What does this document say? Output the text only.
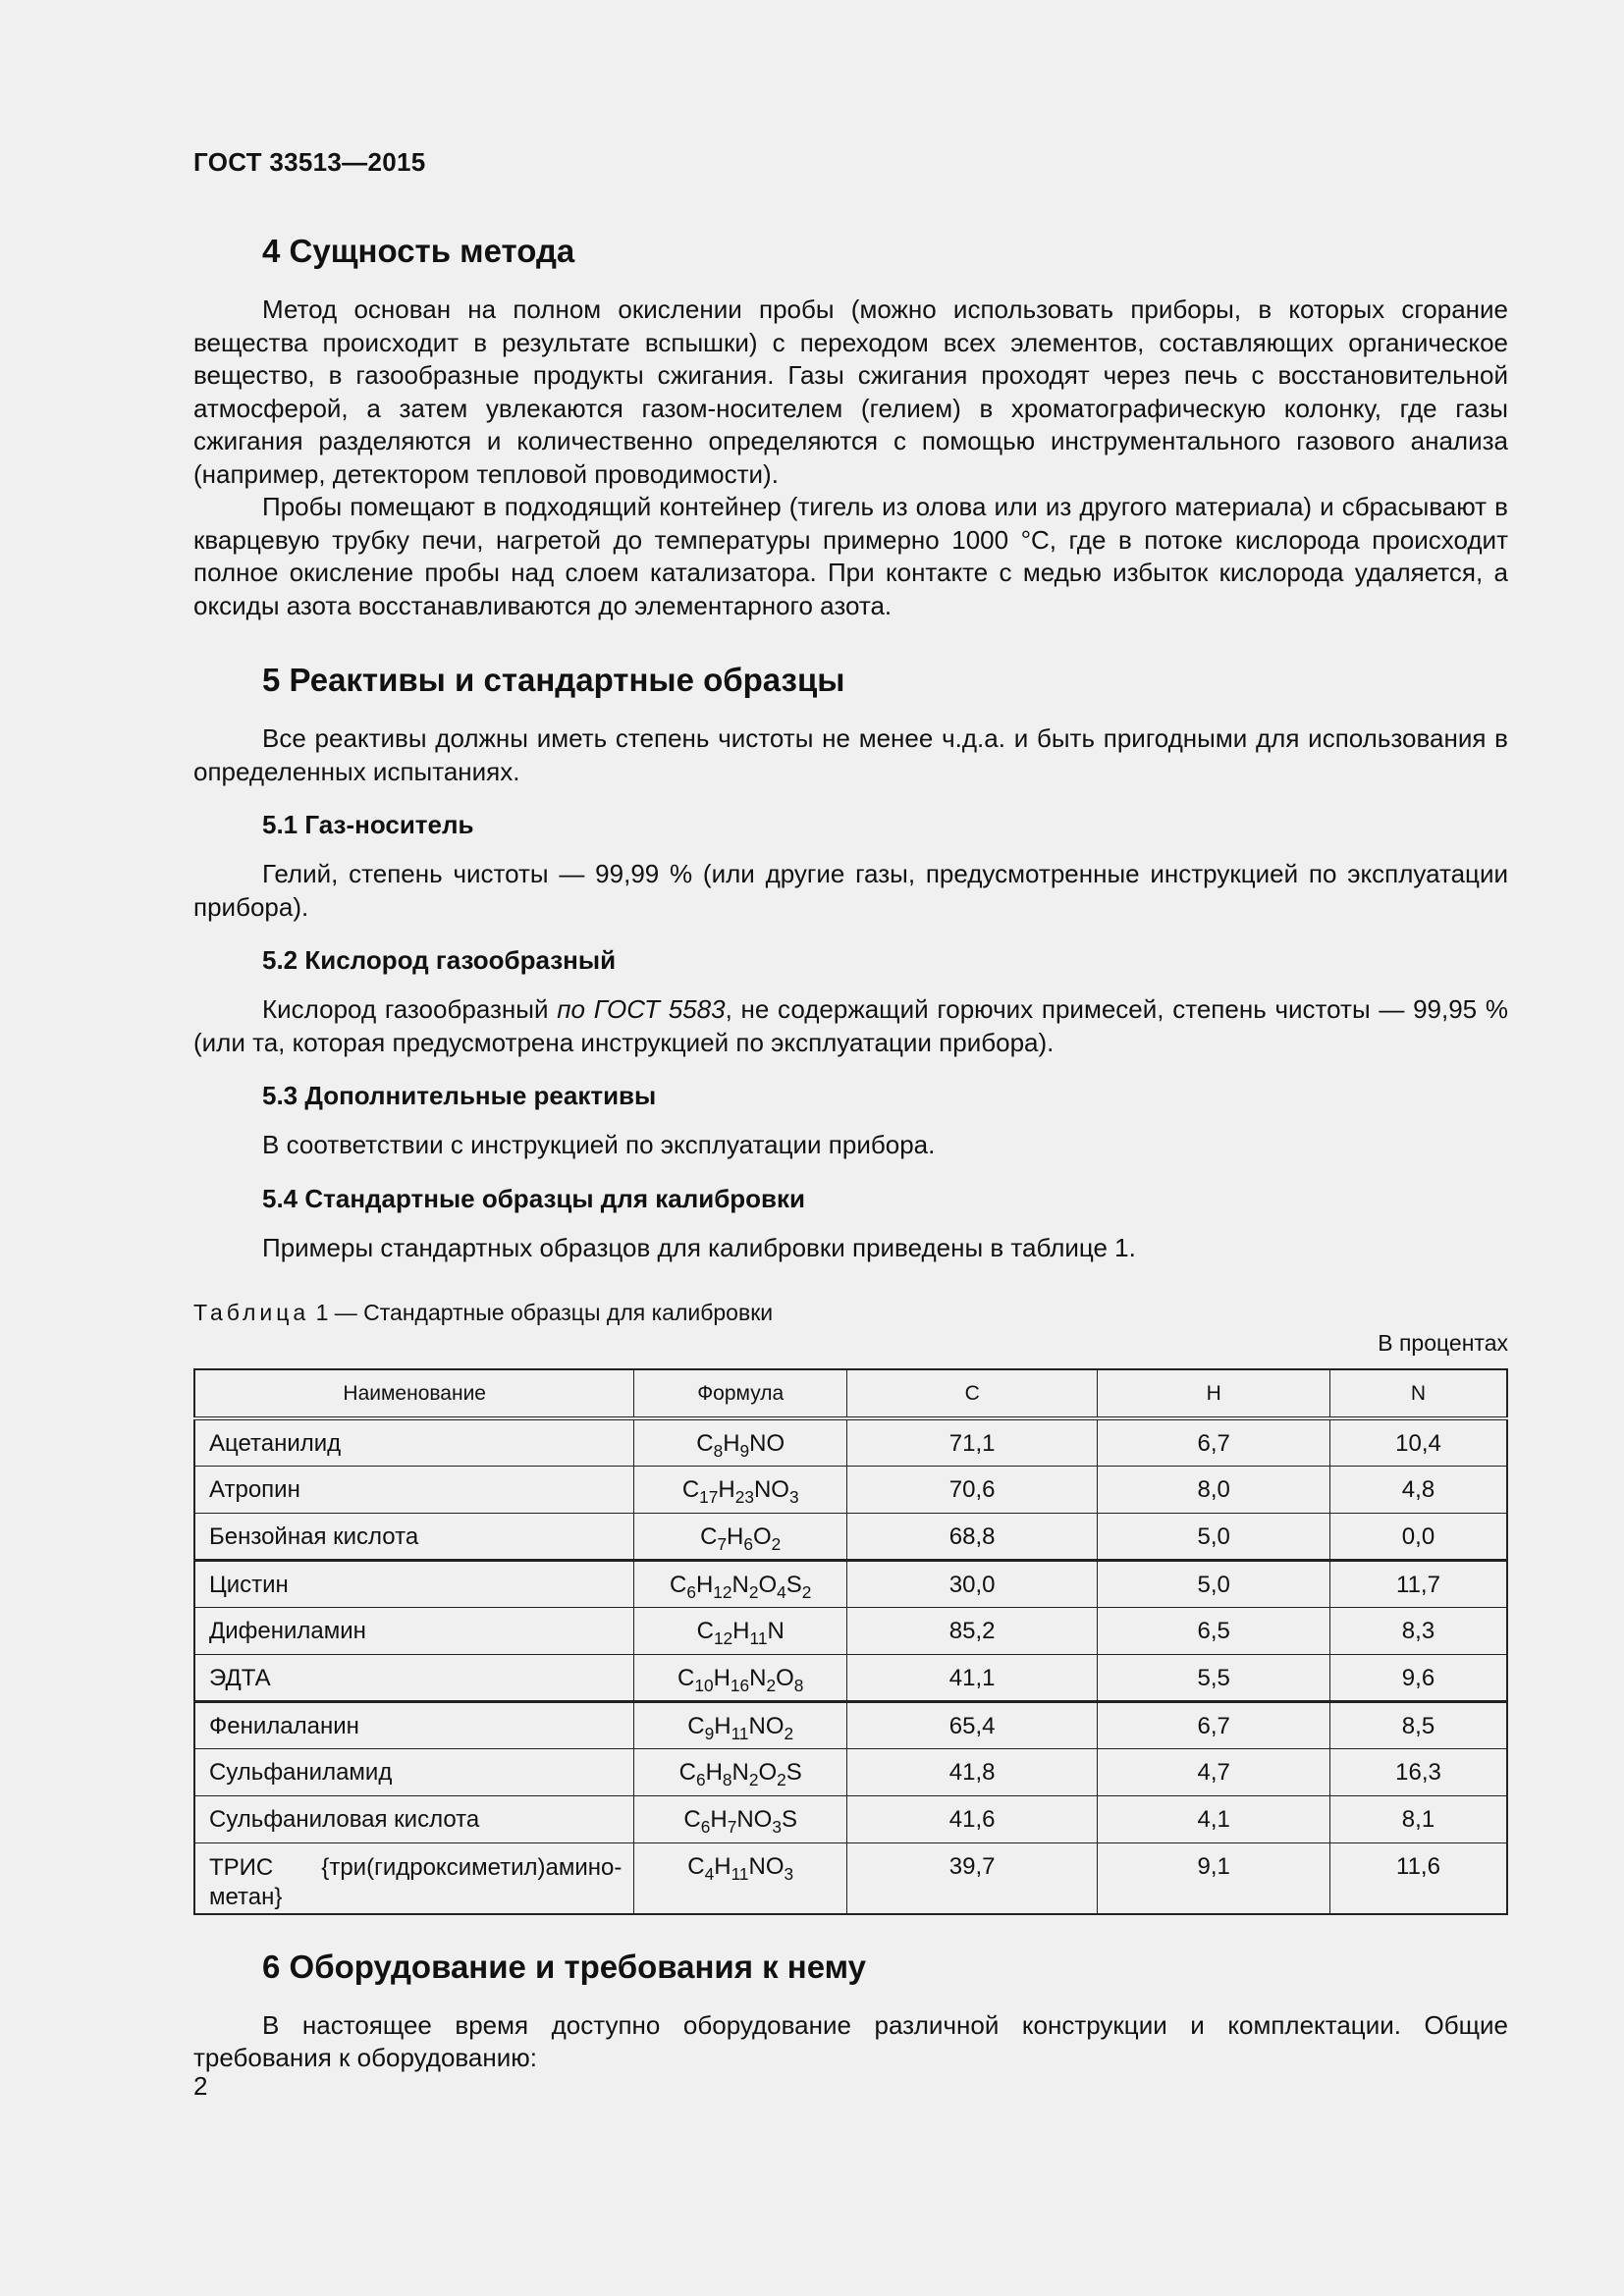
ГОСТ 33513—2015
4 Сущность метода

Метод основан на полном окислении пробы (можно использовать приборы, в которых сгорание вещества происходит в результате вспышки) с переходом всех элементов, составляющих органическое вещество, в газообразные продукты сжигания. Газы сжигания проходят через печь с восстановительной атмосферой, а затем увлекаются газом-носителем (гелием) в хроматографическую колонку, где газы сжигания разделяются и количественно определяются с помощью инструментального газового анализа (например, детектором тепловой проводимости).

Пробы помещают в подходящий контейнер (тигель из олова или из другого материала) и сбрасывают в кварцевую трубку печи, нагретой до температуры примерно 1000 °С, где в потоке кислорода происходит полное окисление пробы над слоем катализатора. При контакте с медью избыток кислорода удаляется, а оксиды азота восстанавливаются до элементарного азота.

5 Реактивы и стандартные образцы

Все реактивы должны иметь степень чистоты не менее ч.д.а. и быть пригодными для использования в определенных испытаниях.

5.1 Газ-носитель

Гелий, степень чистоты — 99,99 % (или другие газы, предусмотренные инструкцией по эксплуатации прибора).

5.2 Кислород газообразный

Кислород газообразный по ГОСТ 5583, не содержащий горючих примесей, степень чистоты — 99,95 % (или та, которая предусмотрена инструкцией по эксплуатации прибора).

5.3 Дополнительные реактивы

В соответствии с инструкцией по эксплуатации прибора.

5.4 Стандартные образцы для калибровки

Примеры стандартных образцов для калибровки приведены в таблице 1.

Таблица 1 — Стандартные образцы для калибровки
В процентах
Наименование	Формула	C	H	N
Ацетанилид	$C_8H_9NO$	71,1	6,7	10,4
Атропин	$C_{17}H_{23}NO_3$	70,6	8,0	4,8
Бензойная кислота	$C_7H_6O_2$	68,8	5,0	0,0
Цистин	$C_6H_{12}N_2O_4S_2$	30,0	5,0	11,7
Дифениламин	$C_{12}H_{11}N$	85,2	6,5	8,3
ЭДТА	$C_{10}H_{16}N_2O_8$	41,1	5,5	9,6
Фенилаланин	$C_9H_{11}NO_2$	65,4	6,7	8,5
Сульфаниламид	$C_6H_8N_2O_2S$	41,8	4,7	16,3
Сульфаниловая кислота	$C_6H_7NO_3S$	41,6	4,1	8,1
ТРИС {три(гидроксиметил)амино-метан}	$C_4H_{11}NO_3$	39,7	9,1	11,6
6 Оборудование и требования к нему

В настоящее время доступно оборудование различной конструкции и комплектации. Общие требования к оборудованию:

2
